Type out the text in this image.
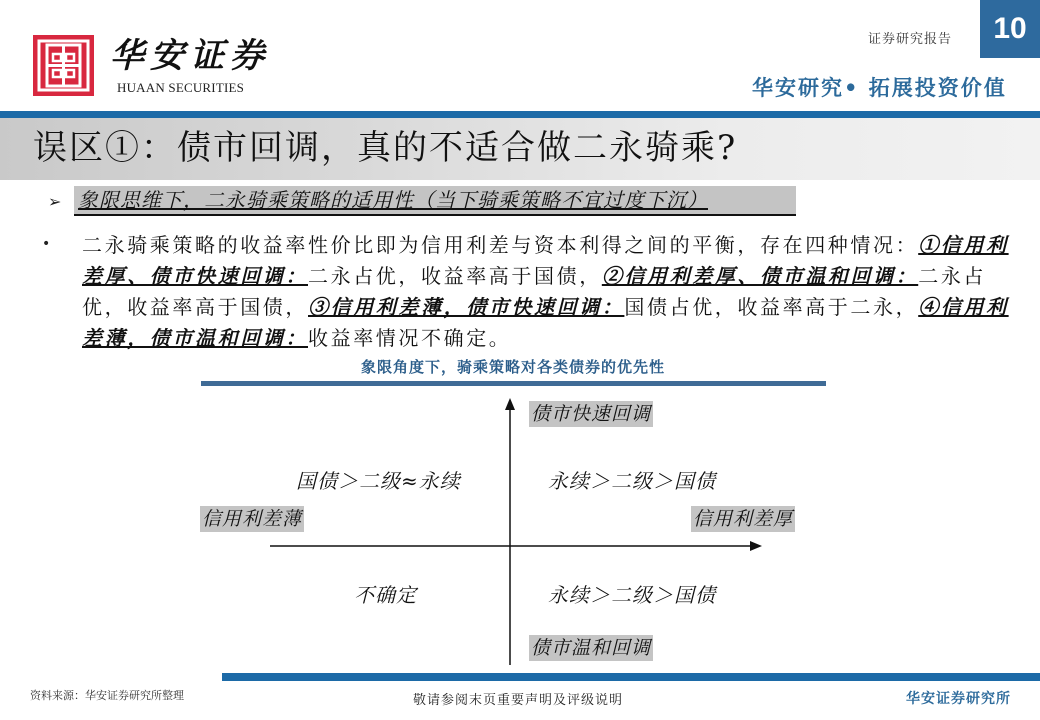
华安证券
HUAAN SECURITIES
证券研究报告	10
华安研究• 拓展投资价值
误区①：债市回调，真的不适合做二永骑乘?
➢ 象限思维下，二永骑乘策略的适用性（当下骑乘策略不宜过度下沉）
• 二永骑乘策略的收益率性价比即为信用利差与资本利得之间的平衡，存在四种情况：①信用利差厚、债市快速回调：二永占优，收益率高于国债，②信用利差厚、债市温和回调：二永占优，收益率高于国债，③信用利差薄，债市快速回调：国债占优，收益率高于二永，④信用利差薄，债市温和回调：收益率情况不确定。
象限角度下，骑乘策略对各类债券的优先性
债市快速回调
债市温和回调
信用利差薄	信用利差厚
国债＞二级≈永续	永续＞二级＞国债
不确定	永续＞二级＞国债
资料来源：华安证券研究所整理	敬请参阅末页重要声明及评级说明	华安证券研究所
